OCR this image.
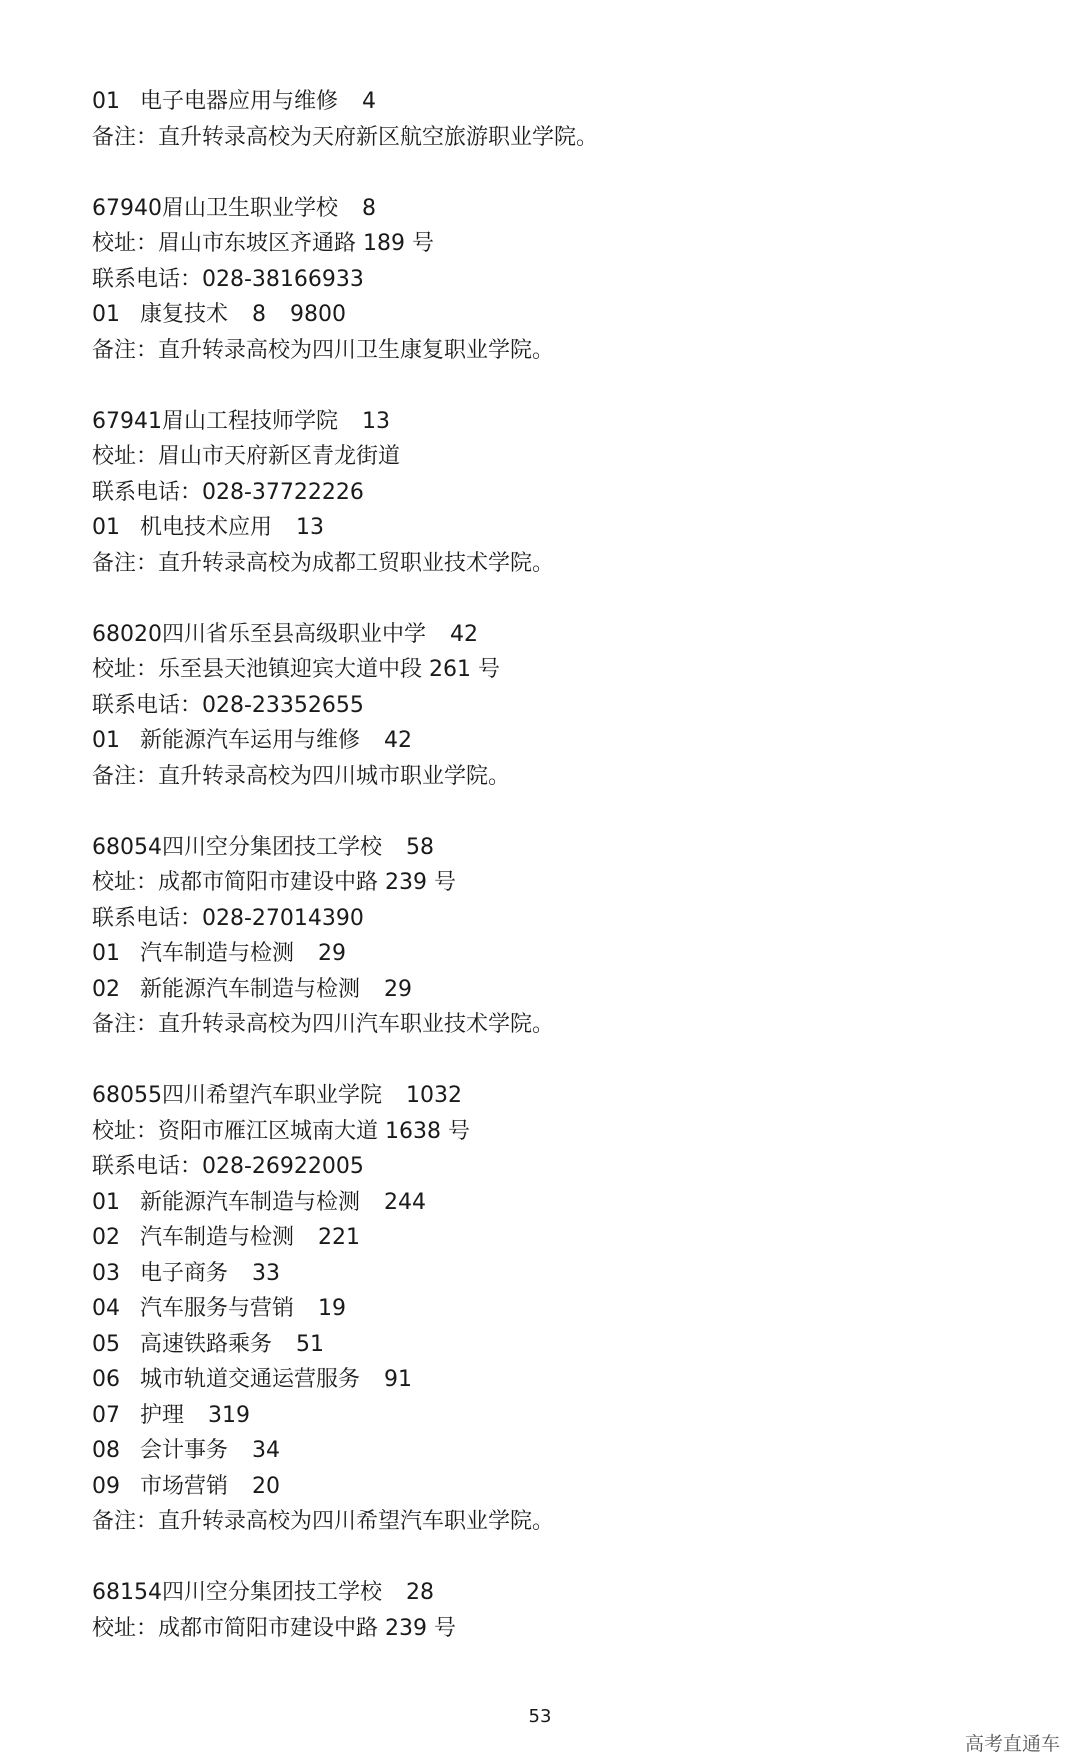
01 电子电器应用与维修 4
备注：直升转录高校为天府新区航空旅游职业学院。
67940眉山卫生职业学校 8
校址：眉山市东坡区齐通路 189 号
联系电话：028-38166933
01 康复技术 8 9800
备注：直升转录高校为四川卫生康复职业学院。
67941眉山工程技师学院 13
校址：眉山市天府新区青龙街道
联系电话：028-37722226
01 机电技术应用 13
备注：直升转录高校为成都工贸职业技术学院。
68020四川省乐至县高级职业中学 42
校址：乐至县天池镇迎宾大道中段 261 号
联系电话：028-23352655
01 新能源汽车运用与维修 42
备注：直升转录高校为四川城市职业学院。
68054四川空分集团技工学校 58
校址：成都市简阳市建设中路 239 号
联系电话：028-27014390
01 汽车制造与检测 29
02 新能源汽车制造与检测 29
备注：直升转录高校为四川汽车职业技术学院。
68055四川希望汽车职业学院 1032
校址：资阳市雁江区城南大道 1638 号
联系电话：028-26922005
01 新能源汽车制造与检测 244
02 汽车制造与检测 221
03 电子商务 33
04 汽车服务与营销 19
05 高速铁路乘务 51
06 城市轨道交通运营服务 91
07 护理 319
08 会计事务 34
09 市场营销 20
备注：直升转录高校为四川希望汽车职业学院。
68154四川空分集团技工学校 28
校址：成都市简阳市建设中路 239 号
53
高考直通车
